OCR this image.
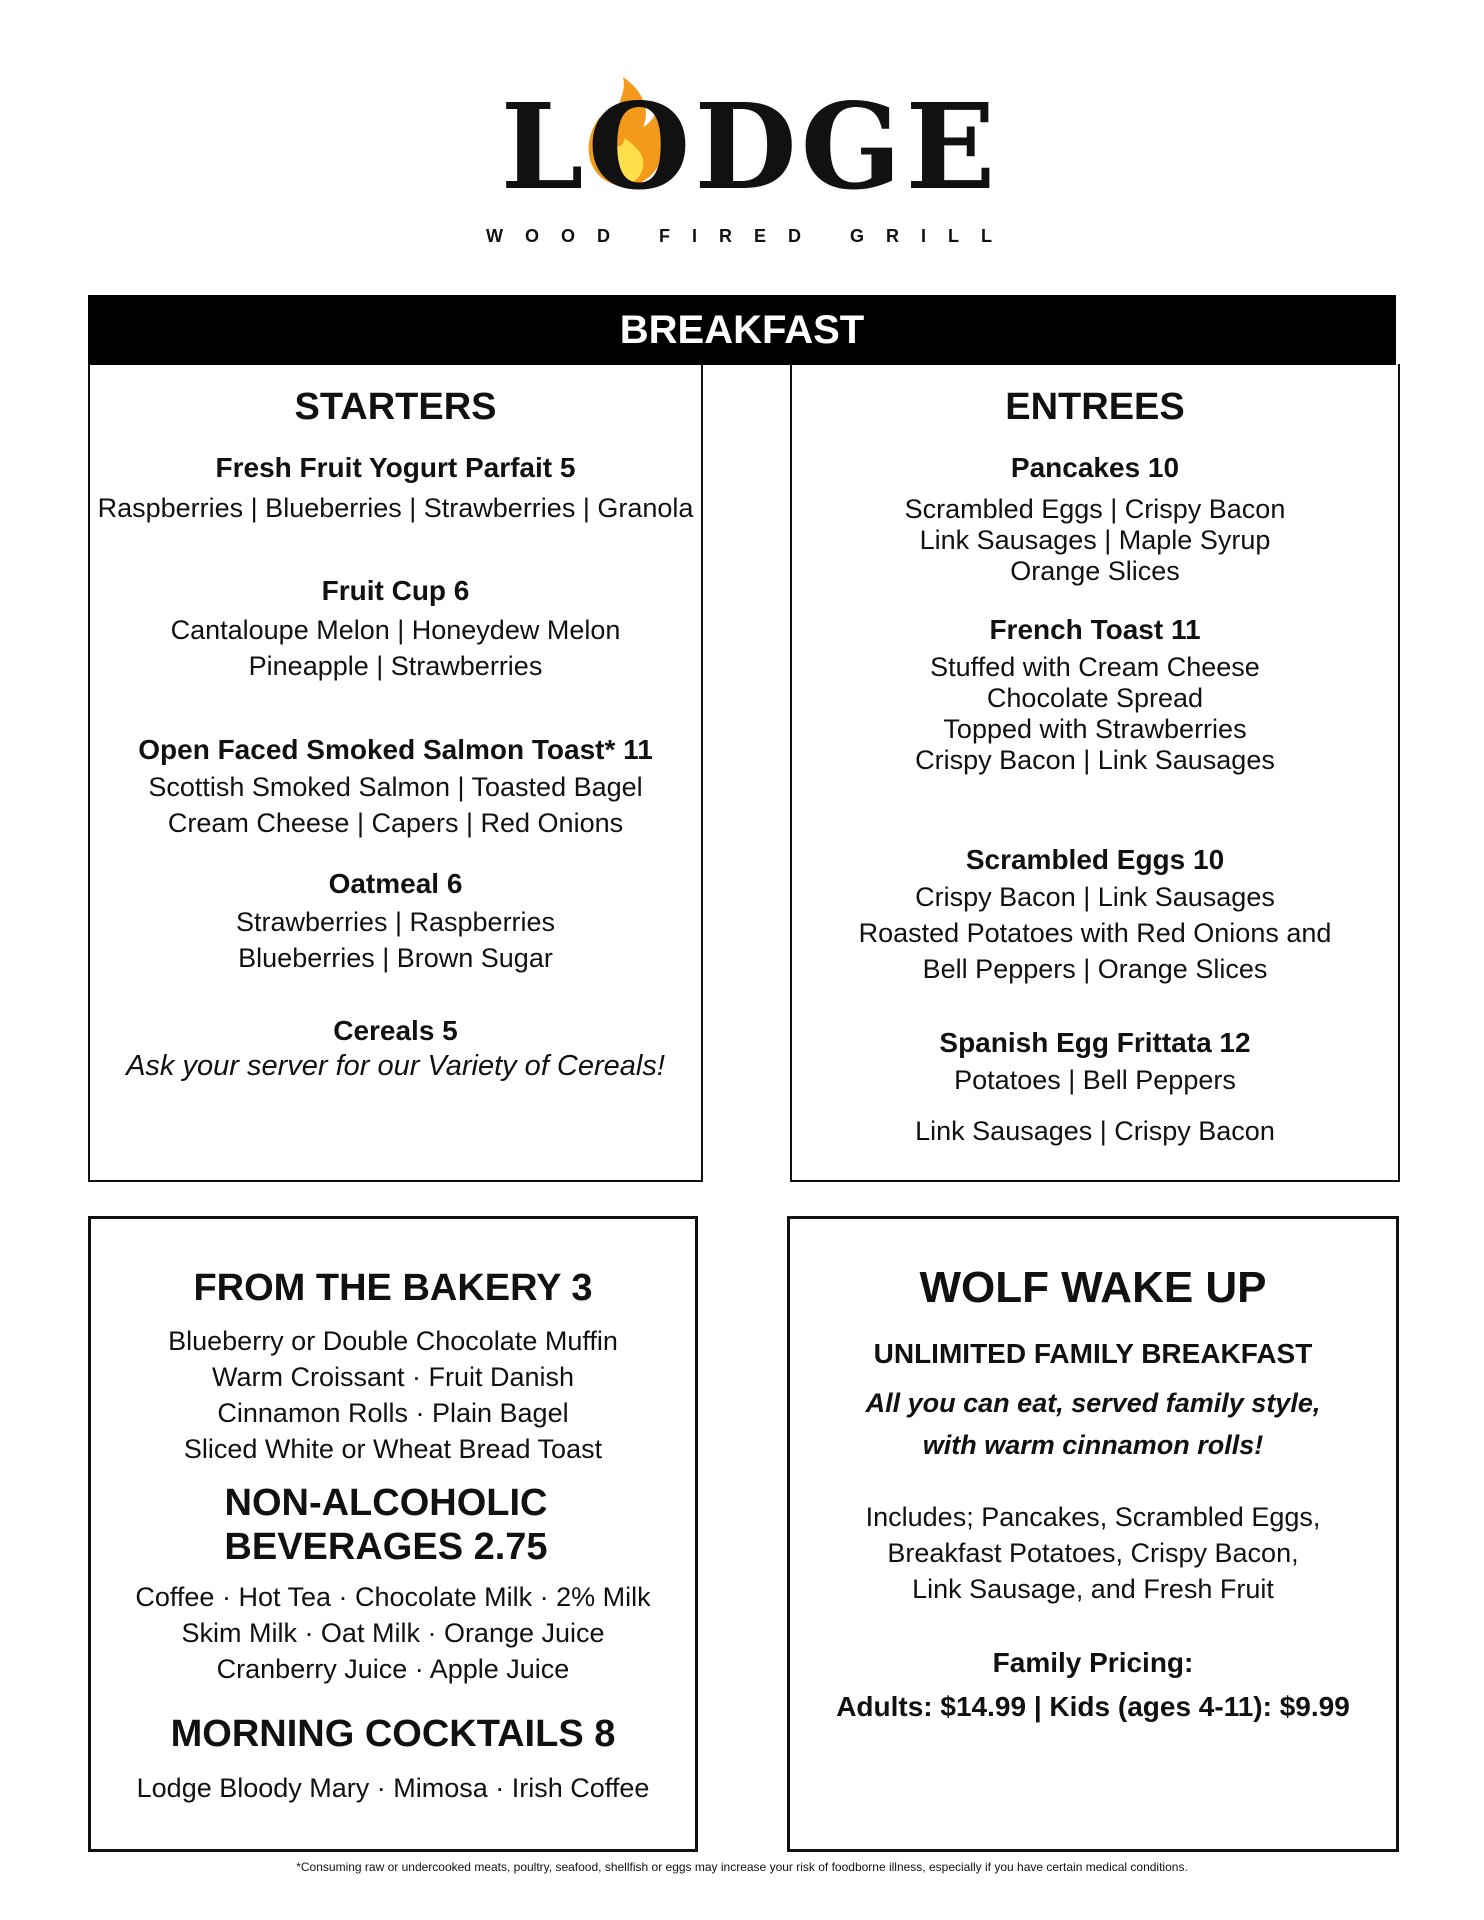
LODGE
WOOD FIRED GRILL
BREAKFAST
STARTERS
Fresh Fruit Yogurt Parfait 5
Raspberries | Blueberries | Strawberries | Granola
Fruit Cup 6
Cantaloupe Melon | Honeydew Melon
Pineapple | Strawberries
Open Faced Smoked Salmon Toast* 11
Scottish Smoked Salmon | Toasted Bagel
Cream Cheese | Capers | Red Onions
Oatmeal 6
Strawberries | Raspberries
Blueberries | Brown Sugar
Cereals 5
Ask your server for our Variety of Cereals!
ENTREES
Pancakes 10
Scrambled Eggs | Crispy Bacon
Link Sausages | Maple Syrup
Orange Slices
French Toast 11
Stuffed with Cream Cheese
Chocolate Spread
Topped with Strawberries
Crispy Bacon | Link Sausages
Scrambled Eggs 10
Crispy Bacon | Link Sausages
Roasted Potatoes with Red Onions and
Bell Peppers | Orange Slices
Spanish Egg Frittata 12
Potatoes | Bell Peppers
Link Sausages | Crispy Bacon
FROM THE BAKERY 3
Blueberry or Double Chocolate Muffin
Warm Croissant · Fruit Danish
Cinnamon Rolls · Plain Bagel
Sliced White or Wheat Bread Toast
NON-ALCOHOLIC
BEVERAGES 2.75
Coffee · Hot Tea · Chocolate Milk · 2% Milk
Skim Milk · Oat Milk · Orange Juice
Cranberry Juice · Apple Juice
MORNING COCKTAILS 8
Lodge Bloody Mary · Mimosa · Irish Coffee
WOLF WAKE UP
UNLIMITED FAMILY BREAKFAST
All you can eat, served family style,
with warm cinnamon rolls!
Includes; Pancakes, Scrambled Eggs,
Breakfast Potatoes, Crispy Bacon,
Link Sausage, and Fresh Fruit
Family Pricing:
Adults: $14.99 | Kids (ages 4-11): $9.99
*Consuming raw or undercooked meats, poultry, seafood, shellfish or eggs may increase your risk of foodborne illness, especially if you have certain medical conditions.
